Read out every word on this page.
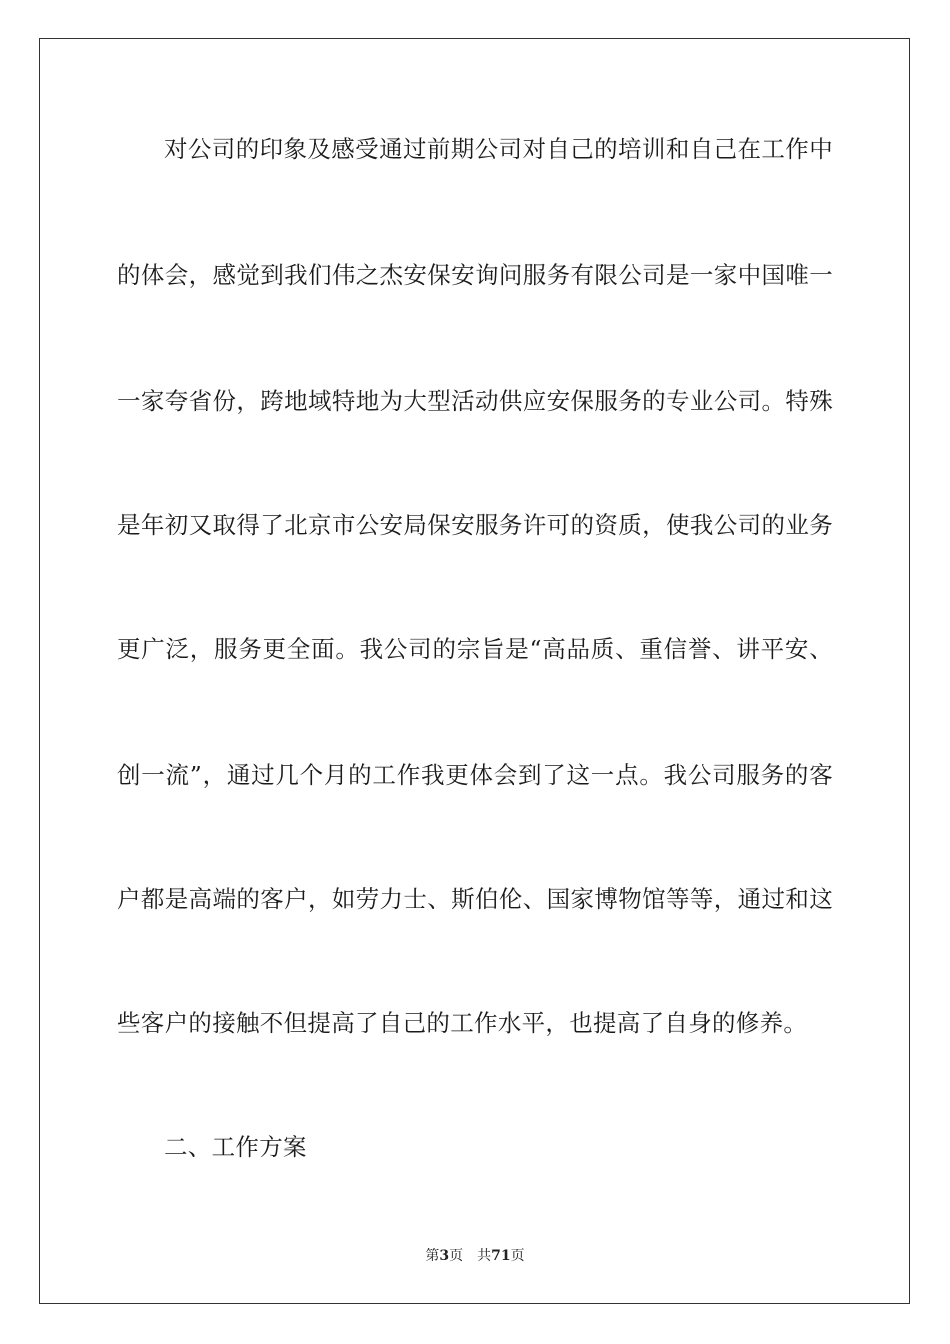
对公司的印象及感受通过前期公司对自己的培训和自己在工作中
的体会，感觉到我们伟之杰安保安询问服务有限公司是一家中国唯一
一家夸省份，跨地域特地为大型活动供应安保服务的专业公司。特殊
是年初又取得了北京市公安局保安服务许可的资质，使我公司的业务
更广泛，服务更全面。我公司的宗旨是“高品质、重信誉、讲平安、
创一流”，通过几个月的工作我更体会到了这一点。我公司服务的客
户都是高端的客户，如劳力士、斯伯伦、国家博物馆等等，通过和这
些客户的接触不但提高了自己的工作水平，也提高了自身的修养。
二、工作方案
第3页 共71页
